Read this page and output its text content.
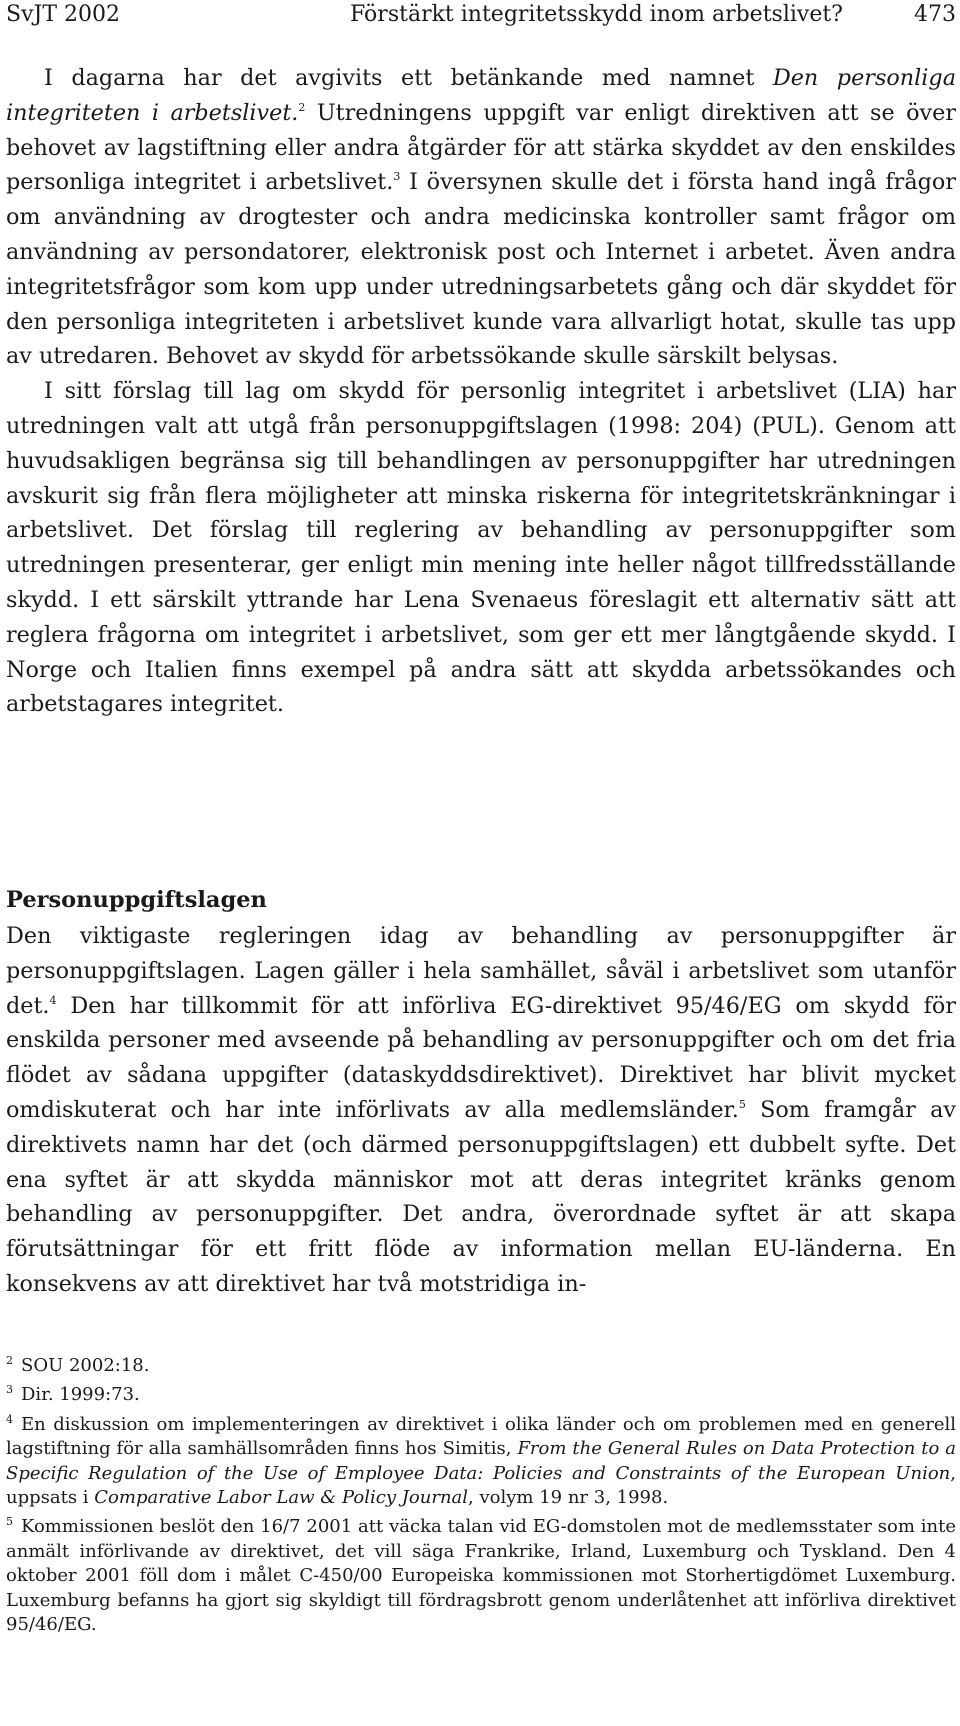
SvJT 2002	Förstärkt integritetsskydd inom arbetslivet?	473

I dagarna har det avgivits ett betänkande med namnet Den personliga integriteten i arbetslivet.$^2$ Utredningens uppgift var enligt direktiven att se över behovet av lagstiftning eller andra åtgärder för att stärka skyddet av den enskildes personliga integritet i arbetslivet.$^3$ I översynen skulle det i första hand ingå frågor om användning av drogtester och andra medicinska kontroller samt frågor om användning av persondatorer, elektronisk post och Internet i arbetet. Även andra integritetsfrågor som kom upp under utredningsarbetets gång och där skyddet för den personliga integriteten i arbetslivet kunde vara allvarligt hotat, skulle tas upp av utredaren. Behovet av skydd för arbetssökande skulle särskilt belysas.

I sitt förslag till lag om skydd för personlig integritet i arbetslivet (LIA) har utredningen valt att utgå från personuppgiftslagen (1998: 204) (PUL). Genom att huvudsakligen begränsa sig till behandlingen av personuppgifter har utredningen avskurit sig från flera möjligheter att minska riskerna för integritetskränkningar i arbetslivet. Det förslag till reglering av behandling av personuppgifter som utredningen presenterar, ger enligt min mening inte heller något tillfredsställande skydd. I ett särskilt yttrande har Lena Svenaeus föreslagit ett alternativ sätt att reglera frågorna om integritet i arbetslivet, som ger ett mer långtgående skydd. I Norge och Italien finns exempel på andra sätt att skydda arbetssökandes och arbetstagares integritet.

Personuppgiftslagen

Den viktigaste regleringen idag av behandling av personuppgifter är personuppgiftslagen. Lagen gäller i hela samhället, såväl i arbetslivet som utanför det.$^4$ Den har tillkommit för att införliva EG-direktivet 95/46/EG om skydd för enskilda personer med avseende på behandling av personuppgifter och om det fria flödet av sådana uppgifter (dataskyddsdirektivet). Direktivet har blivit mycket omdiskuterat och har inte införlivats av alla medlemsländer.$^5$ Som framgår av direktivets namn har det (och därmed personuppgiftslagen) ett dubbelt syfte. Det ena syftet är att skydda människor mot att deras integritet kränks genom behandling av personuppgifter. Det andra, överordnade syftet är att skapa förutsättningar för ett fritt flöde av information mellan EU-länderna. En konsekvens av att direktivet har två motstridiga in-

$^2$ SOU 2002:18.

$^3$ Dir. 1999:73.

$^4$ En diskussion om implementeringen av direktivet i olika länder och om problemen med en generell lagstiftning för alla samhällsområden finns hos Simitis, From the General Rules on Data Protection to a Specific Regulation of the Use of Employee Data: Policies and Constraints of the European Union, uppsats i Comparative Labor Law & Policy Journal, volym 19 nr 3, 1998.

$^5$ Kommissionen beslöt den 16/7 2001 att väcka talan vid EG-domstolen mot de medlemsstater som inte anmält införlivande av direktivet, det vill säga Frankrike, Irland, Luxemburg och Tyskland. Den 4 oktober 2001 föll dom i målet C-450/00 Europeiska kommissionen mot Storhertigdömet Luxemburg. Luxemburg befanns ha gjort sig skyldigt till fördragsbrott genom underlåtenhet att införliva direktivet 95/46/EG.
